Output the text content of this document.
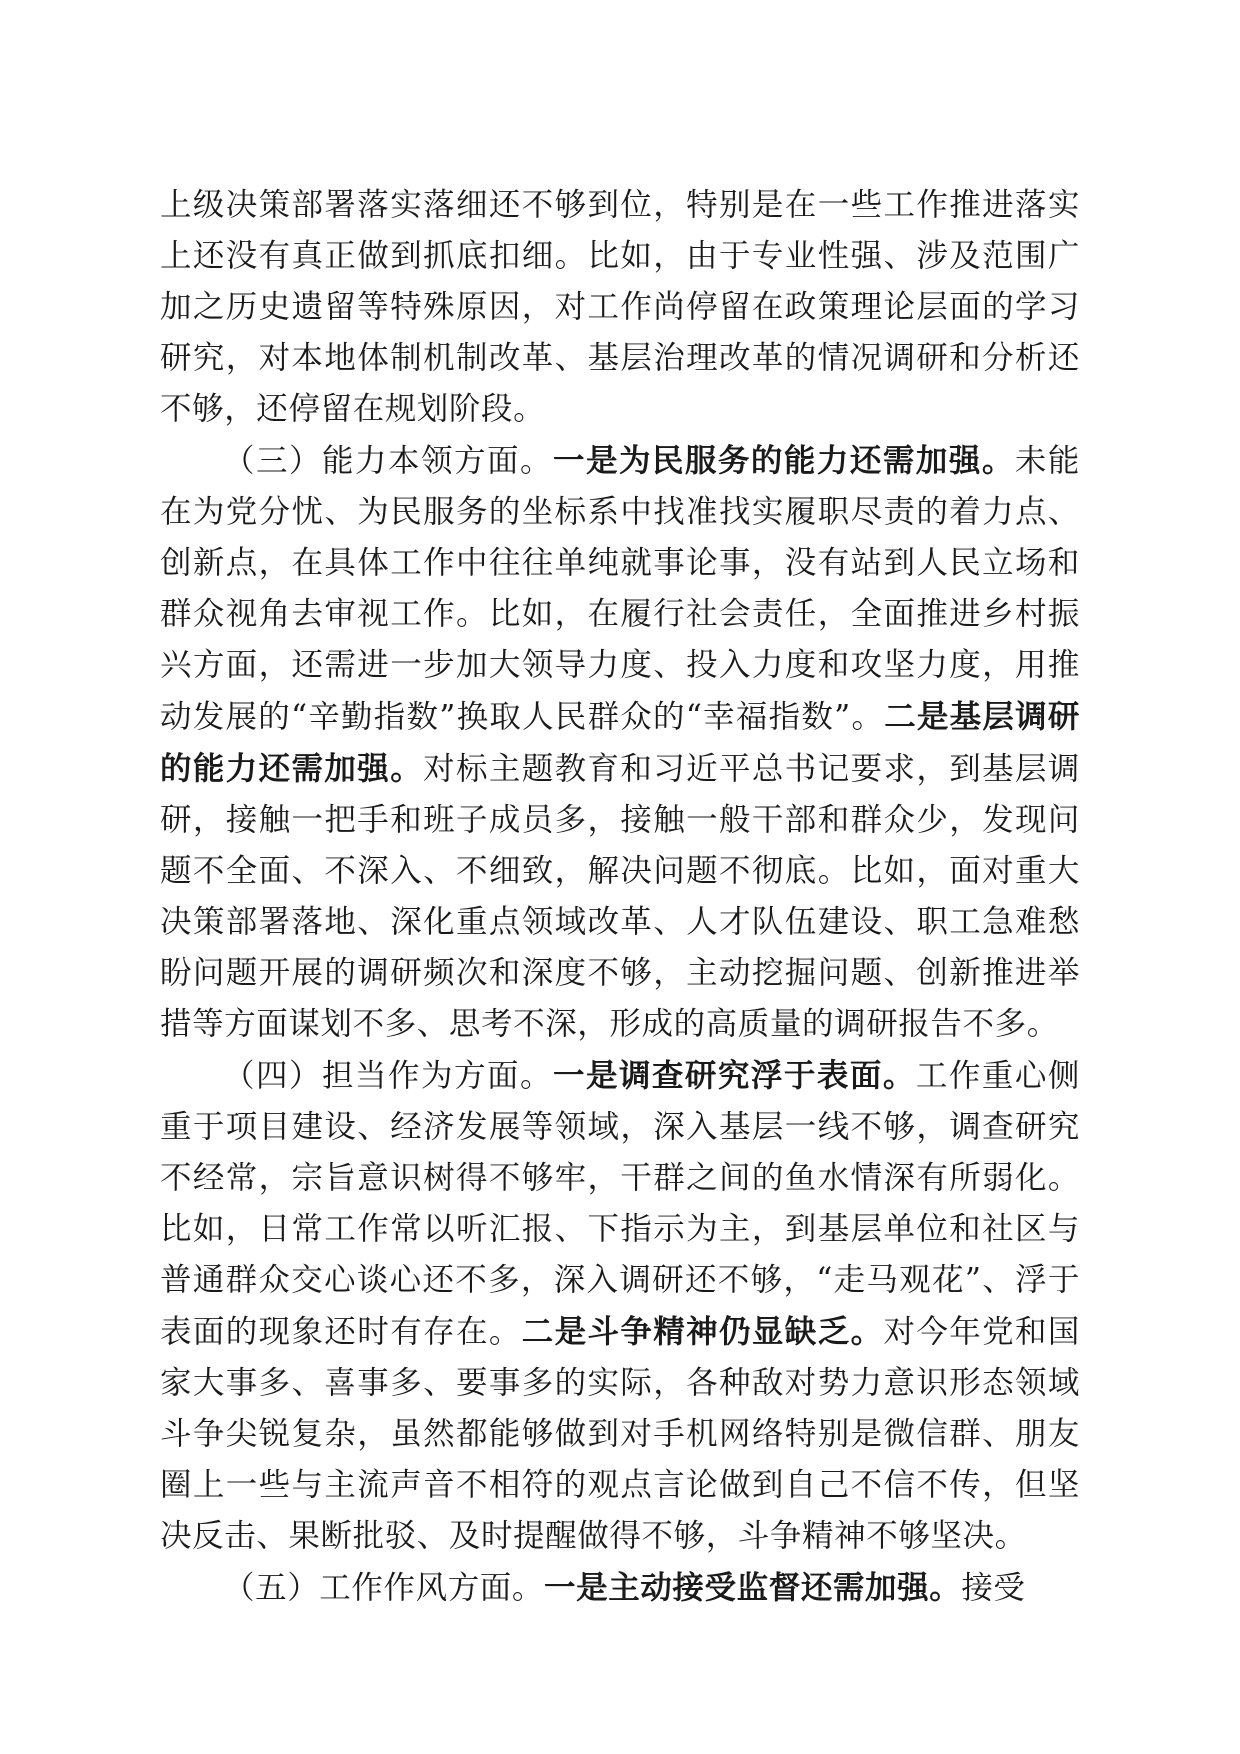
上级决策部署落实落细还不够到位，特别是在一些工作推进落实上还没有真正做到抓底扣细。比如，由于专业性强、涉及范围广加之历史遗留等特殊原因，对工作尚停留在政策理论层面的学习研究，对本地体制机制改革、基层治理改革的情况调研和分析还不够，还停留在规划阶段。

（三）能力本领方面。一是为民服务的能力还需加强。未能在为党分忧、为民服务的坐标系中找准找实履职尽责的着力点、创新点，在具体工作中往往单纯就事论事，没有站到人民立场和群众视角去审视工作。比如，在履行社会责任，全面推进乡村振兴方面，还需进一步加大领导力度、投入力度和攻坚力度，用推动发展的“辛勤指数”换取人民群众的“幸福指数”。二是基层调研的能力还需加强。对标主题教育和习近平总书记要求，到基层调研，接触一把手和班子成员多，接触一般干部和群众少，发现问题不全面、不深入、不细致，解决问题不彻底。比如，面对重大决策部署落地、深化重点领域改革、人才队伍建设、职工急难愁盼问题开展的调研频次和深度不够，主动挖掘问题、创新推进举措等方面谋划不多、思考不深，形成的高质量的调研报告不多。

（四）担当作为方面。一是调查研究浮于表面。工作重心侧重于项目建设、经济发展等领域，深入基层一线不够，调查研究不经常，宗旨意识树得不够牢，干群之间的鱼水情深有所弱化。比如，日常工作常以听汇报、下指示为主，到基层单位和社区与普通群众交心谈心还不多，深入调研还不够，“走马观花”、浮于表面的现象还时有存在。二是斗争精神仍显缺乏。对今年党和国家大事多、喜事多、要事多的实际，各种敌对势力意识形态领域斗争尖锐复杂，虽然都能够做到对手机网络特别是微信群、朋友圈上一些与主流声音不相符的观点言论做到自己不信不传，但坚决反击、果断批驳、及时提醒做得不够，斗争精神不够坚决。

（五）工作作风方面。一是主动接受监督还需加强。接受
